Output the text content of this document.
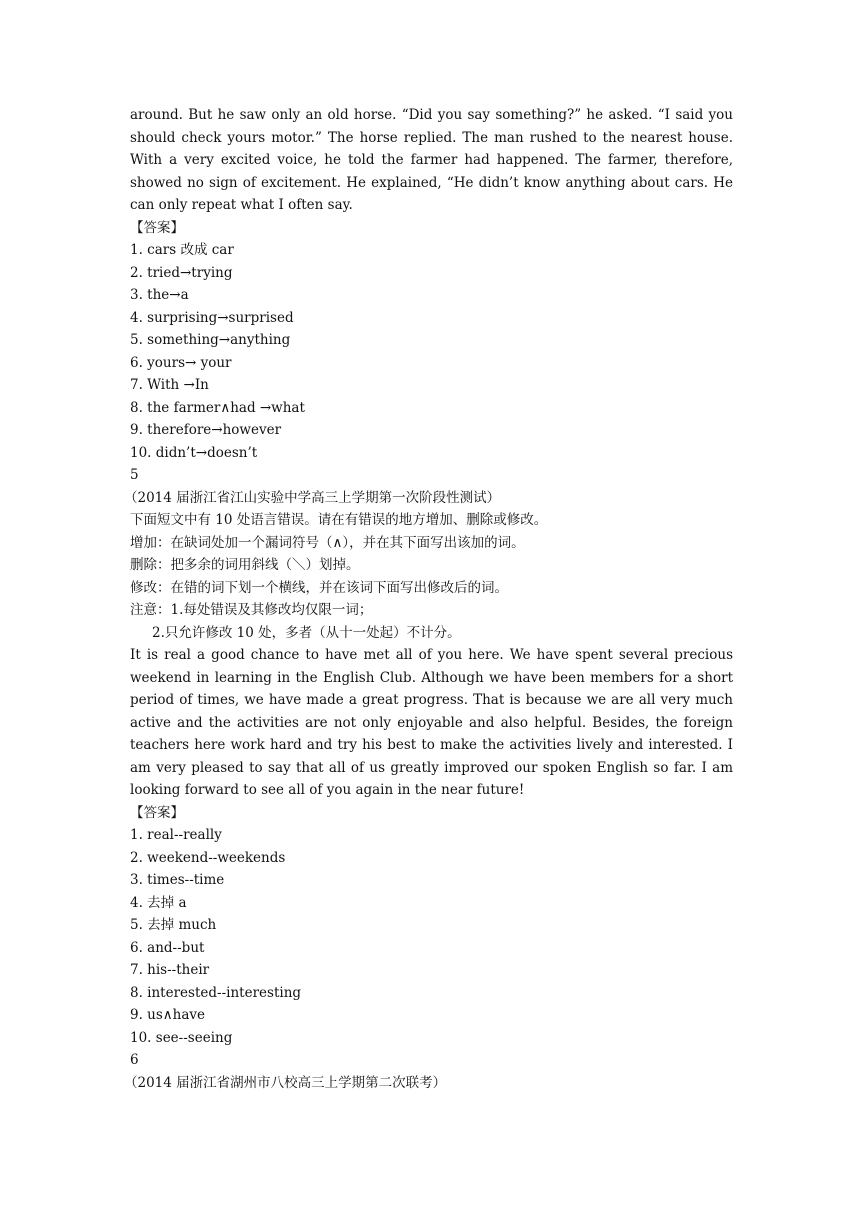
around. But he saw only an old horse. “Did you say something?” he asked. “I said you should check yours motor.” The horse replied. The man rushed to the nearest house. With a very excited voice, he told the farmer had happened. The farmer, therefore, showed no sign of excitement. He explained, “He didn’t know anything about cars. He can only repeat what I often say.

【答案】

1. cars 改成 car

2. tried→trying

3. the→a

4. surprising→surprised

5. something→anything

6. yours→ your

7. With →In

8. the farmer∧had →what

9. therefore→however

10. didn’t→doesn’t

5

（2014 届浙江省江山实验中学高三上学期第一次阶段性测试）

下面短文中有 10 处语言错误。请在有错误的地方增加、删除或修改。

增加：在缺词处加一个漏词符号（∧），并在其下面写出该加的词。

删除：把多余的词用斜线（＼）划掉。

修改：在错的词下划一个横线，并在该词下面写出修改后的词。

注意：1.每处错误及其修改均仅限一词；

2.只允许修改 10 处，多者（从十一处起）不计分。

It is real a good chance to have met all of you here. We have spent several precious weekend in learning in the English Club. Although we have been members for a short period of times, we have made a great progress. That is because we are all very much active and the activities are not only enjoyable and also helpful. Besides, the foreign teachers here work hard and try his best to make the activities lively and interested. I am very pleased to say that all of us greatly improved our spoken English so far. I am looking forward to see all of you again in the near future!

【答案】

1. real--really

2. weekend--weekends

3. times--time

4. 去掉 a

5. 去掉 much

6. and--but

7. his--their

8. interested--interesting

9. us∧have

10. see--seeing

6

（2014 届浙江省湖州市八校高三上学期第二次联考）
